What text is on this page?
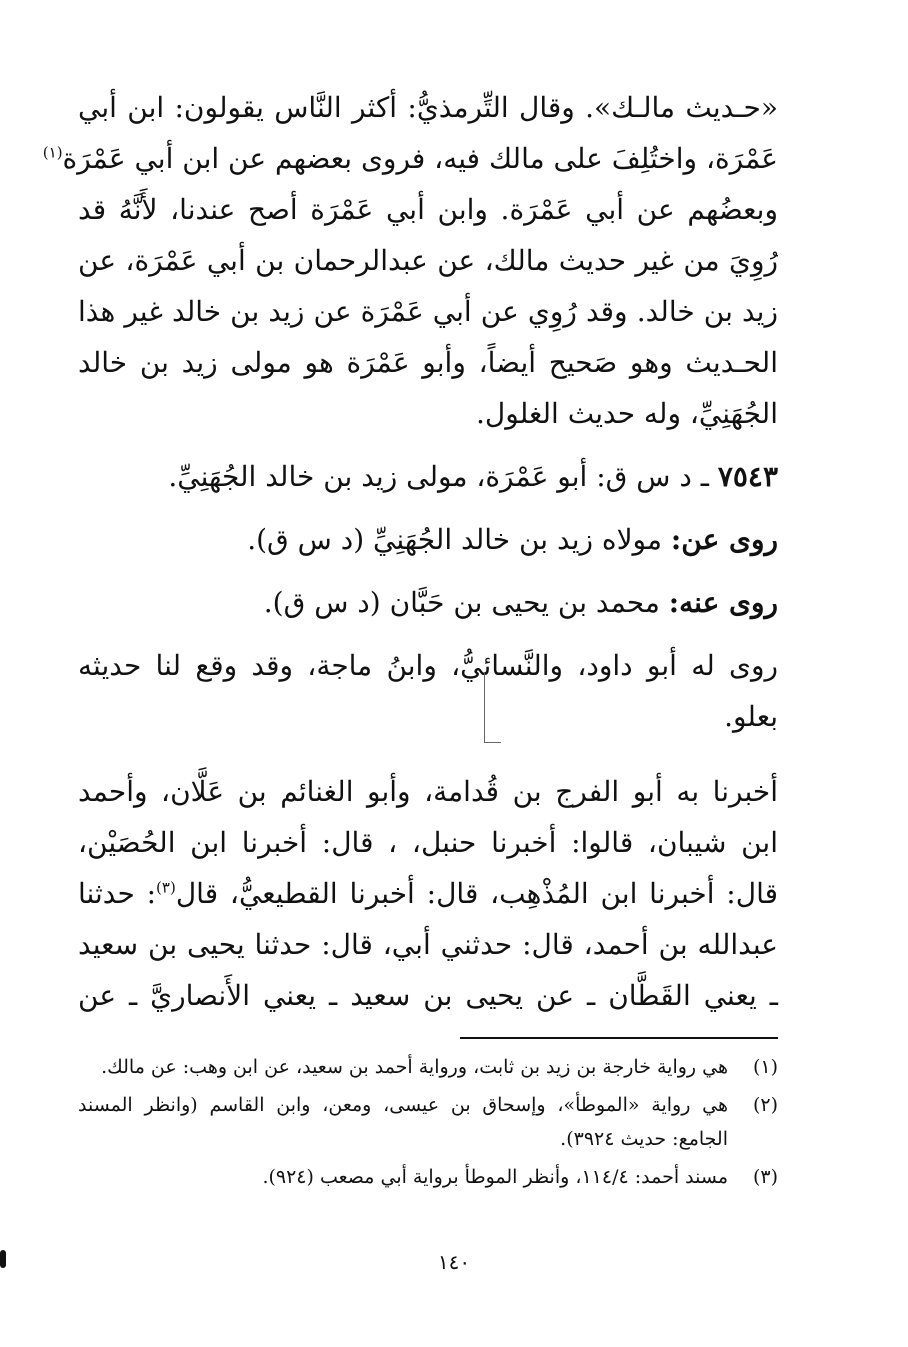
«حـديث مالـك». وقال التِّرمذيُّ: أكثر النَّاس يقولون: ابن أبي
عَمْرَة، واختُلِفَ على مالك فيه، فروى بعضهم عن ابن أبي عَمْرَة$^{(١)}$
وبعضُهم عن أبي عَمْرَة. وابن أبي عَمْرَة أصح عندنا، لأَنَّهُ قد
رُوِيَ من غير حديث مالك، عن عبدالرحمان بن أبي عَمْرَة، عن
زيد بن خالد. وقد رُوِي عن أبي عَمْرَة عن زيد بن خالد غير هذا
الحـديث وهو صَحيح أيضاً، وأبو عَمْرَة هو مولى زيد بن خالد
الجُهَنِيِّ، وله حديث الغلول.
٧٥٤٣ ـ د س ق: أبو عَمْرَة، مولى زيد بن خالد الجُهَنِيِّ.
روى عن: مولاه زيد بن خالد الجُهَنِيِّ (د س ق).
روى عنه: محمد بن يحيى بن حَبَّان (د س ق).
روى له أبو داود، والنَّسائيُّ، وابنُ ماجة، وقد وقع لنا حديثه
بعلو.
أخبرنا به أبو الفرج بن قُدامة، وأبو الغنائم بن عَلَّان، وأحمد
ابن شيبان، قالوا: أخبرنا حنبل، ، قال: أخبرنا ابن الحُصَيْن،
قال: أخبرنا ابن المُذْهِب، قال: أخبرنا القطيعيُّ، قال$^{(٣)}$: حدثنا
عبدالله بن أحمد، قال: حدثني أبي، قال: حدثنا يحيى بن سعيد
ـ يعني القَطَّان ـ عن يحيى بن سعيد ـ يعني الأَنصاريَّ ـ عن
(١)
هي رواية خارجة بن زيد بن ثابت، ورواية أحمد بن سعيد، عن ابن وهب: عن مالك.
(٢)
هي رواية «الموطأ»، وإسحاق بن عيسى، ومعن، وابن القاسم (وانظر المسند الجامع: حديث ٣٩٢٤).
(٣)
مسند أحمد: ١١٤/٤، وأنظر الموطأ برواية أبي مصعب (٩٢٤).
١٤٠
